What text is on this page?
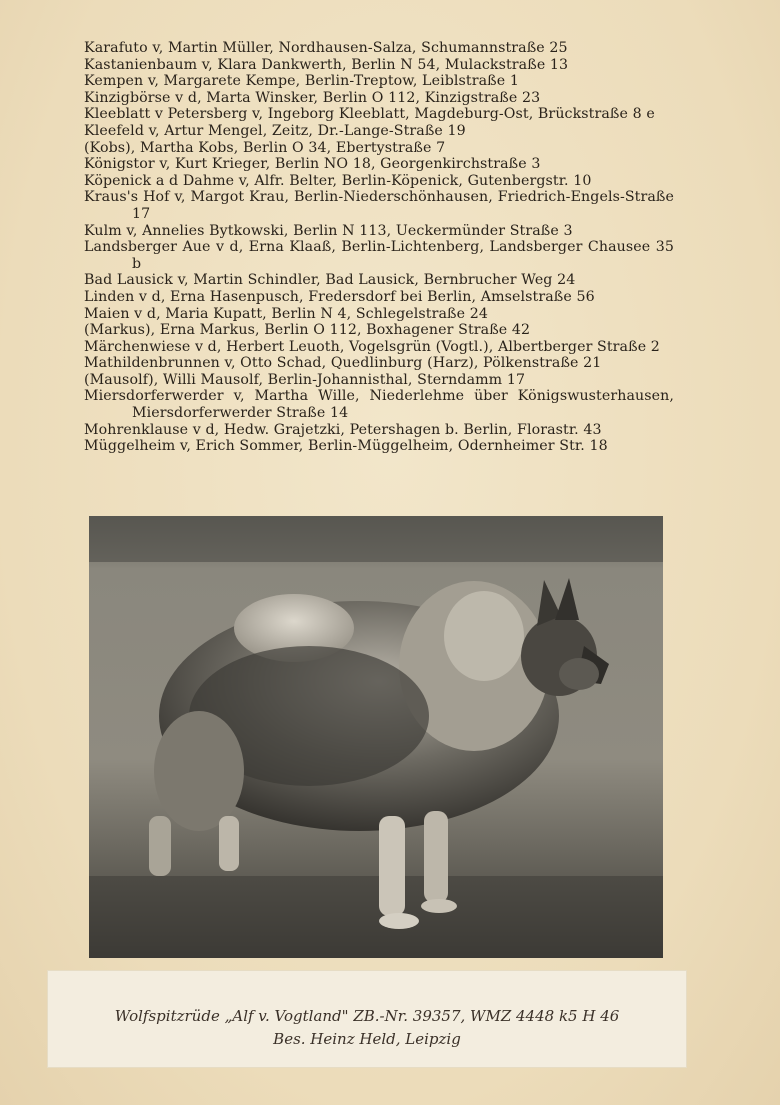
Karafuto v, Martin Müller, Nordhausen-Salza, Schumannstraße 25
Kastanienbaum v, Klara Dankwerth, Berlin N 54, Mulackstraße 13
Kempen v, Margarete Kempe, Berlin-Treptow, Leiblstraße 1
Kinzigbörse v d, Marta Winsker, Berlin O 112, Kinzigstraße 23
Kleeblatt v Petersberg v, Ingeborg Kleeblatt, Magdeburg-Ost, Brückstraße 8 e
Kleefeld v, Artur Mengel, Zeitz, Dr.-Lange-Straße 19
(Kobs), Martha Kobs, Berlin O 34, Ebertystraße 7
Königstor v, Kurt Krieger, Berlin NO 18, Georgenkirchstraße 3
Köpenick a d Dahme v, Alfr. Belter, Berlin-Köpenick, Gutenbergstr. 10
Kraus's Hof v, Margot Krau, Berlin-Niederschönhausen, Friedrich-Engels-Straße 17
Kulm v, Annelies Bytkowski, Berlin N 113, Ueckermünder Straße 3
Landsberger Aue v d, Erna Klaaß, Berlin-Lichtenberg, Landsberger Chausee 35 b
Bad Lausick v, Martin Schindler, Bad Lausick, Bernbrucher Weg 24
Linden v d, Erna Hasenpusch, Fredersdorf bei Berlin, Amselstraße 56
Maien v d, Maria Kupatt, Berlin N 4, Schlegelstraße 24
(Markus), Erna Markus, Berlin O 112, Boxhagener Straße 42
Märchenwiese v d, Herbert Leuoth, Vogelsgrün (Vogtl.), Albertberger Straße 2
Mathildenbrunnen v, Otto Schad, Quedlinburg (Harz), Pölkenstraße 21
(Mausolf), Willi Mausolf, Berlin-Johannisthal, Sterndamm 17
Miersdorferwerder v, Martha Wille, Niederlehme über Königswusterhausen, Miersdorferwerder Straße 14
Mohrenklause v d, Hedw. Grajetzki, Petershagen b. Berlin, Florastr. 43
Müggelheim v, Erich Sommer, Berlin-Müggelheim, Odernheimer Str. 18
Wolfspitzrüde „Alf v. Vogtland" ZB.-Nr. 39357, WMZ 4448 k5 H 46
Bes. Heinz Held, Leipzig
